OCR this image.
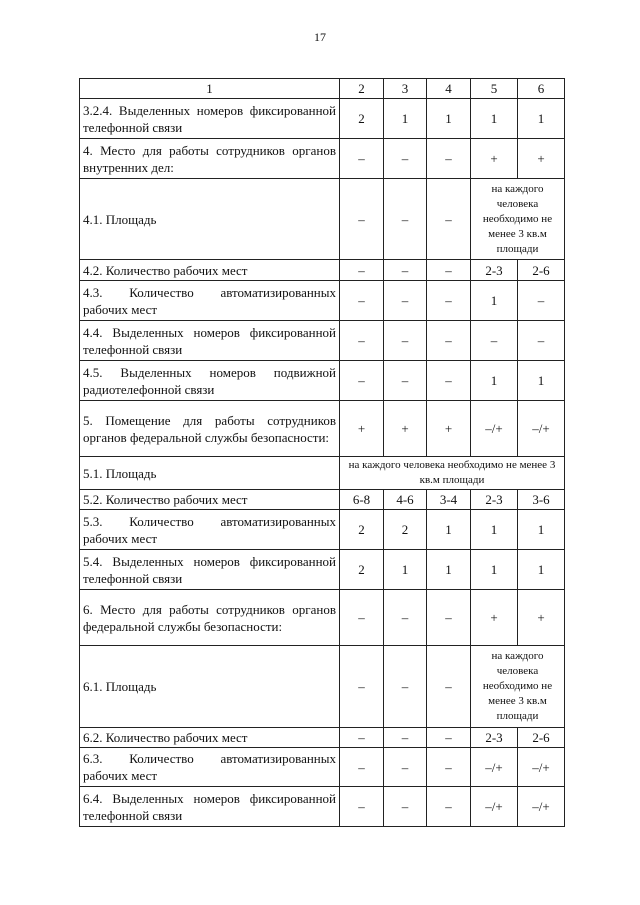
17
1	2	3	4	5	6
3.2.4. Выделенных номеров фиксированной телефонной связи	2	1	1	1	1
4. Место для работы сотрудников органов внутренних дел:	–	–	–	+	+
4.1. Площадь	–	–	–	на каждого человека необходимо не менее 3 кв.м площади	
4.2. Количество рабочих мест	–	–	–	2-3	2-6
4.3. Количество автоматизированных рабочих мест	–	–	–	1	–
4.4. Выделенных номеров фиксированной телефонной связи	–	–	–	–	–
4.5. Выделенных номеров подвижной радиотелефонной связи	–	–	–	1	1
5. Помещение для работы сотрудников органов федеральной службы безопасности:	+	+	+	–/+	–/+
5.1. Площадь	на каждого человека необходимо не менее 3 кв.м площади				
5.2. Количество рабочих мест	6-8	4-6	3-4	2-3	3-6
5.3. Количество автоматизированных рабочих мест	2	2	1	1	1
5.4. Выделенных номеров фиксированной телефонной связи	2	1	1	1	1
6. Место для работы сотрудников органов федеральной службы безопасности:	–	–	–	+	+
6.1. Площадь	–	–	–	на каждого человека необходимо не менее 3 кв.м площади	
6.2. Количество рабочих мест	–	–	–	2-3	2-6
6.3. Количество автоматизированных рабочих мест	–	–	–	–/+	–/+
6.4. Выделенных номеров фиксированной телефонной связи	–	–	–	–/+	–/+
